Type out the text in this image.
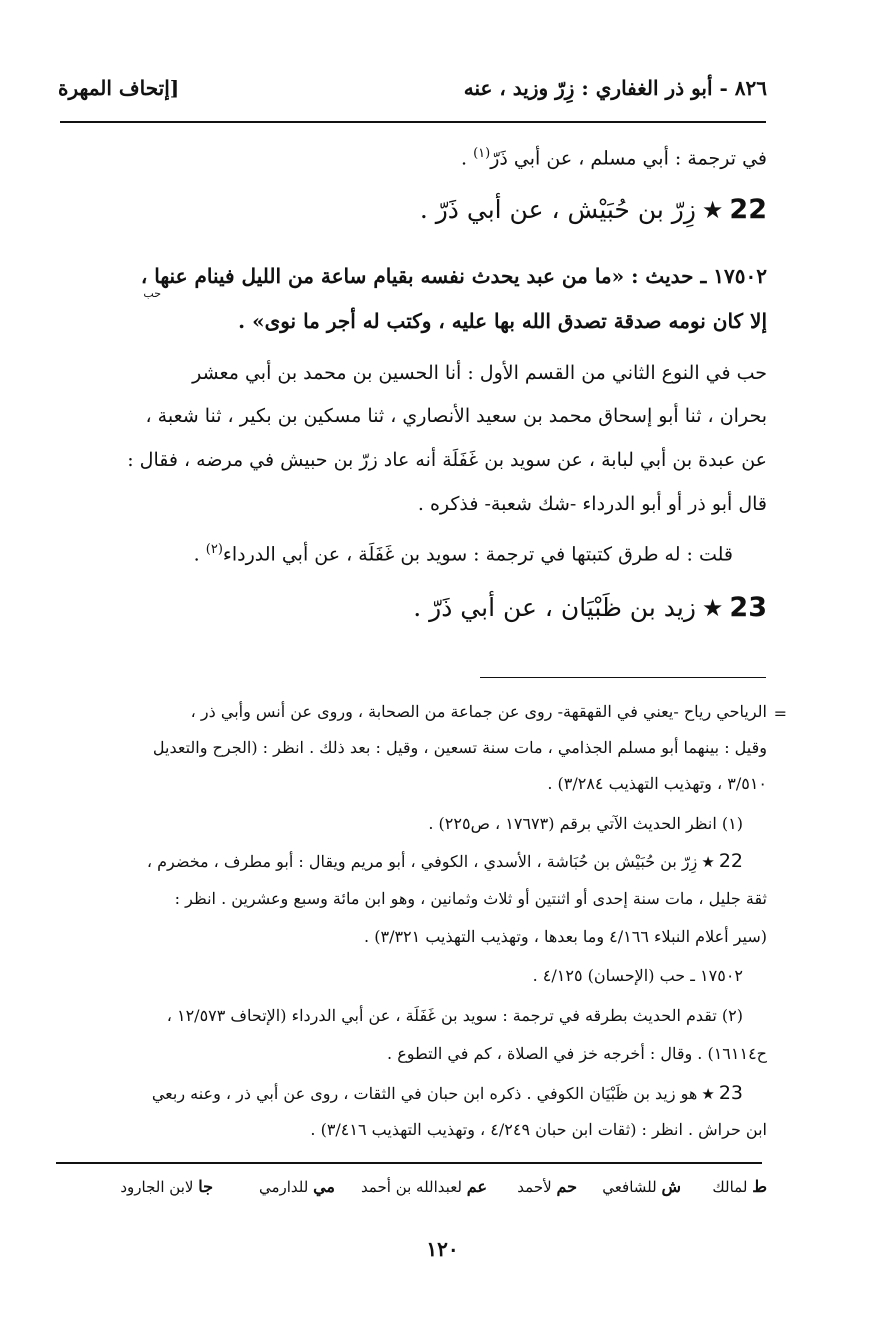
٨٢٦ - أبو ذر الغفاري : زِرّ وزيد ، عنه
[إتحاف المهرة
في ترجمة : أبي مسلم ، عن أبي ذَرّ$^{(١)}$ .
22★زِرّ بن حُبَيْش ، عن أبي ذَرّ .
١٧٥٠٢ ـ حديث : «ما من عبد يحدث نفسه بقيام ساعة من الليل فينام عنها ،
حب
إلا كان نومه صدقة تصدق الله بها عليه ، وكتب له أجر ما نوى» .
حب في النوع الثاني من القسم الأول : أنا الحسين بن محمد بن أبي معشر
بحران ، ثنا أبو إسحاق محمد بن سعيد الأنصاري ، ثنا مسكين بن بكير ، ثنا شعبة ،
عن عبدة بن أبي لبابة ، عن سويد بن غَفَلَة أنه عاد زرّ بن حبيش في مرضه ، فقال :
قال أبو ذر أو أبو الدرداء -شك شعبة- فذكره .
قلت : له طرق كتبتها في ترجمة : سويد بن غَفَلَة ، عن أبي الدرداء$^{(٢)}$ .
23★زيد بن ظَبْيَان ، عن أبي ذَرّ .
=
الرياحي رياح -يعني في القهقهة- روى عن جماعة من الصحابة ، وروى عن أنس وأبي ذر ،
وقيل : بينهما أبو مسلم الجذامي ، مات سنة تسعين ، وقيل : بعد ذلك . انظر : (الجرح والتعديل
٣/٥١٠ ، وتهذيب التهذيب ٣/٢٨٤) .
(١) انظر الحديث الآتي برقم (١٧٦٧٣ ، ص٢٢٥) .
22★زِرّ بن حُبَيْش بن حُبَاشة ، الأسدي ، الكوفي ، أبو مريم ويقال : أبو مطرف ، مخضرم ،
ثقة جليل ، مات سنة إحدى أو اثنتين أو ثلاث وثمانين ، وهو ابن مائة وسبع وعشرين . انظر :
(سير أعلام النبلاء ٤/١٦٦ وما بعدها ، وتهذيب التهذيب ٣/٣٢١) .
١٧٥٠٢ ـ حب (الإحسان) ٤/١٢٥ .
(٢) تقدم الحديث بطرقه في ترجمة : سويد بن غَفَلَة ، عن أبي الدرداء (الإتحاف ١٢/٥٧٣ ،
ح١٦١١٤) . وقال : أخرجه خز في الصلاة ، كم في التطوع .
23★هو زيد بن ظَبْيَان الكوفي . ذكره ابن حبان في الثقات ، روى عن أبي ذر ، وعنه ربعي
ابن حراش . انظر : (ثقات ابن حبان ٤/٢٤٩ ، وتهذيب التهذيب ٣/٤١٦) .
ط لمالك
ش للشافعي
حم لأحمد
عم لعبدالله بن أحمد
مي للدارمي
جا لابن الجارود
١٢٠
